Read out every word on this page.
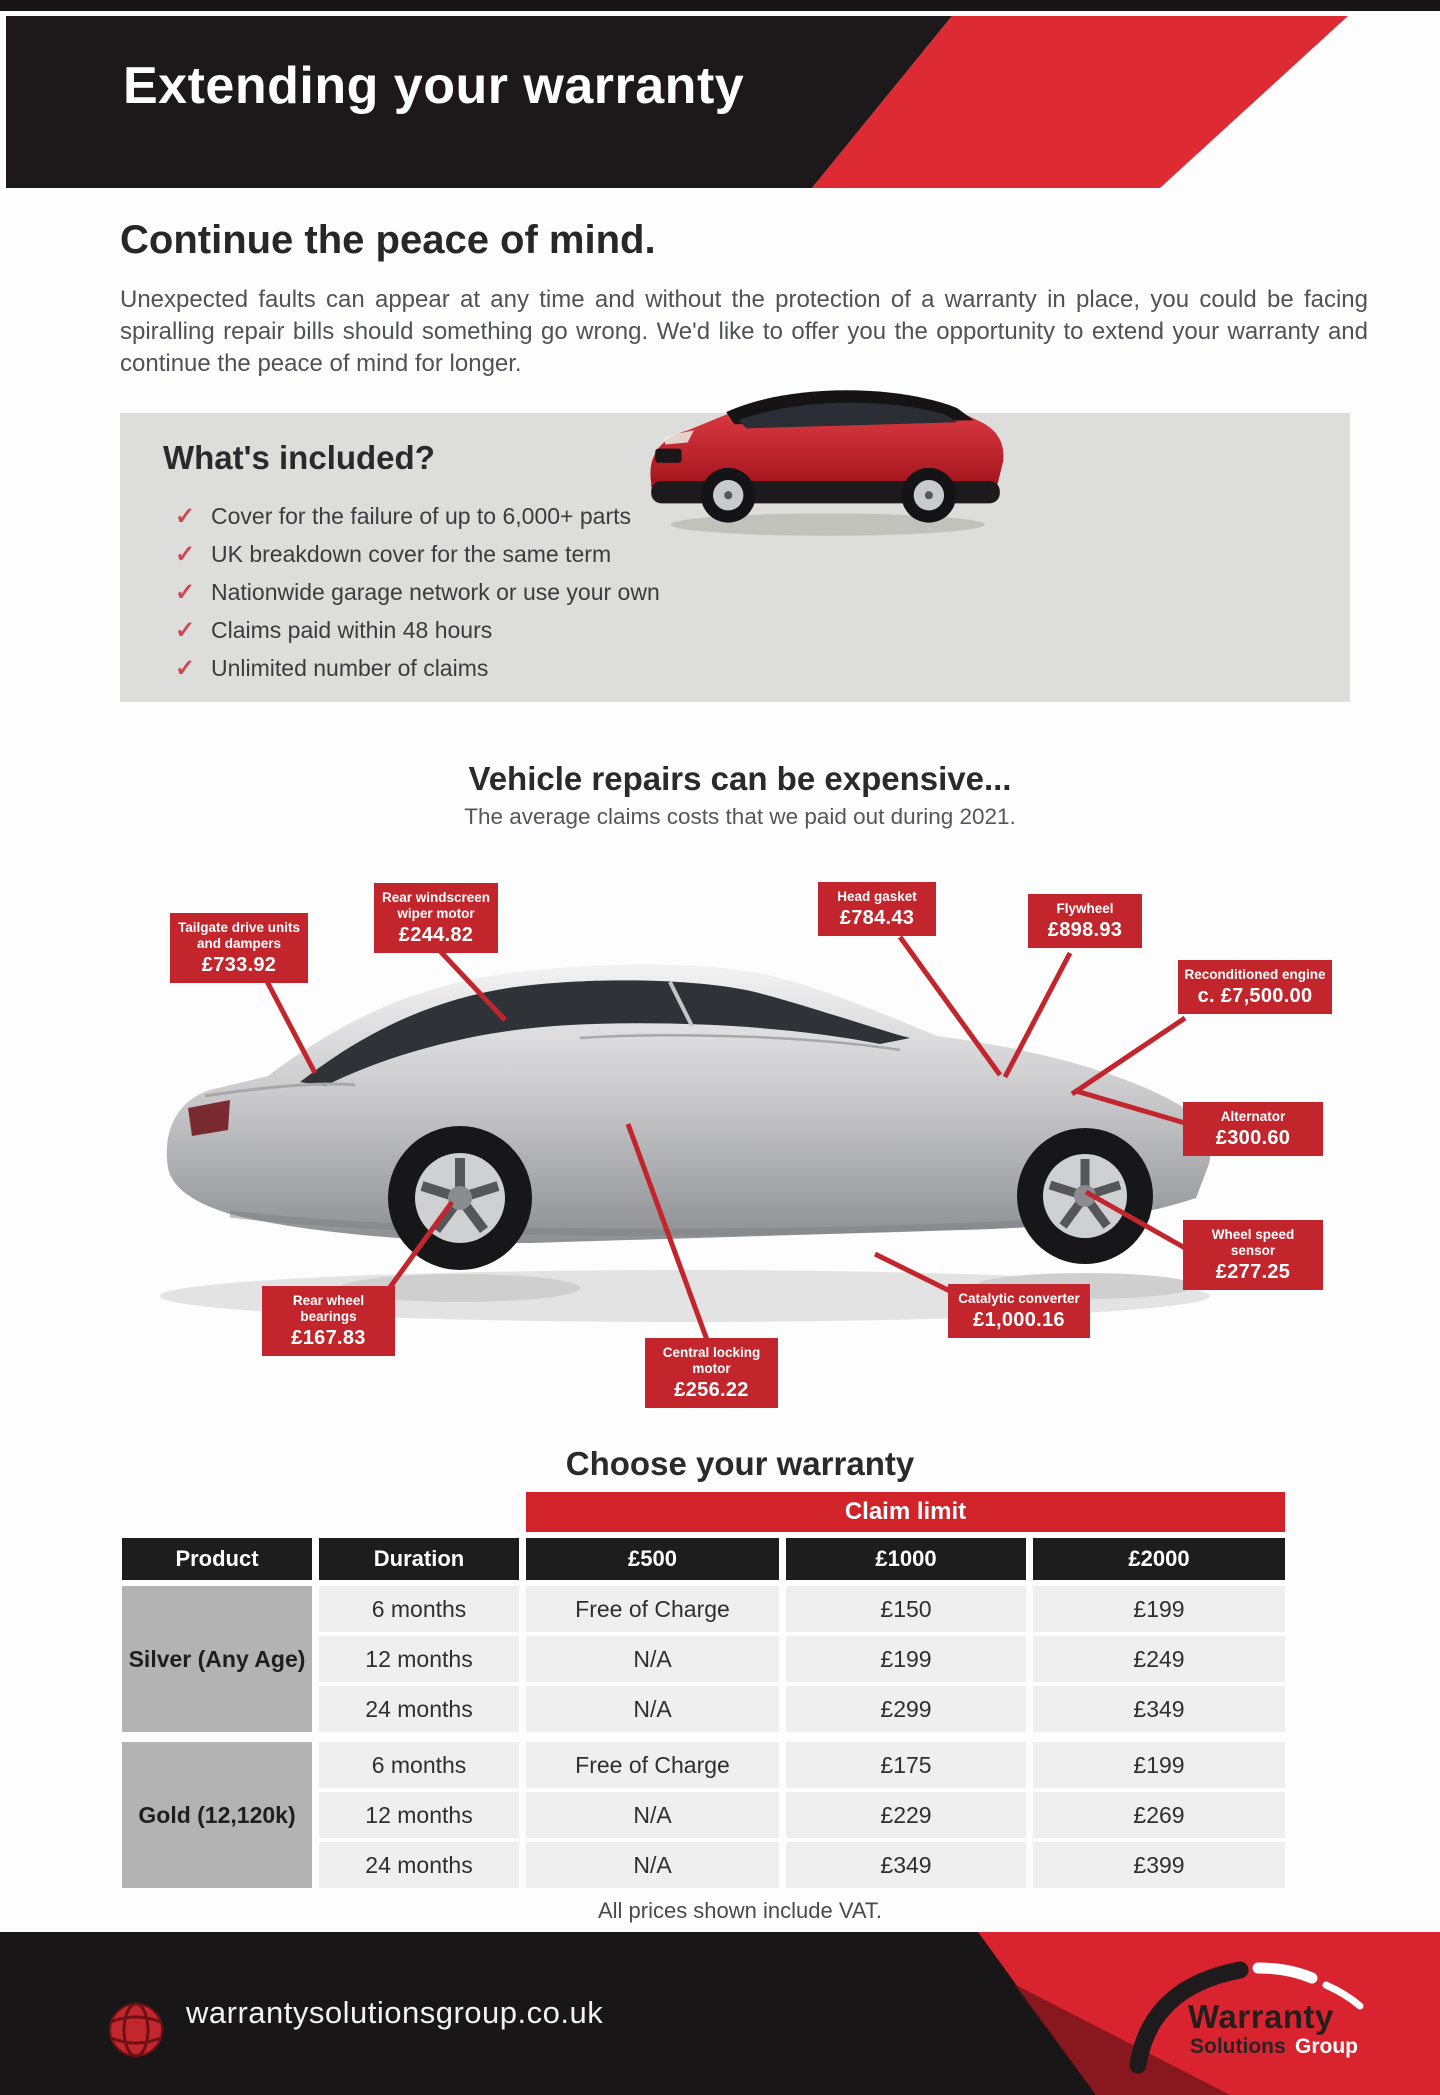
Extending your warranty
Continue the peace of mind.
Unexpected faults can appear at any time and without the protection of a warranty in place, you could be facing spiralling repair bills should something go wrong. We'd like to offer you the opportunity to extend your warranty and continue the peace of mind for longer.
What's included?
✓ Cover for the failure of up to 6,000+ parts
✓ UK breakdown cover for the same term
✓ Nationwide garage network or use your own
✓ Claims paid within 48 hours
✓ Unlimited number of claims
Vehicle repairs can be expensive...
The average claims costs that we paid out during 2021.
Tailgate drive units and dampers
£733.92
Rear windscreen wiper motor
£244.82
Head gasket
£784.43	Flywheel
£898.93
Reconditioned engine
c. £7,500.00
Alternator
£300.60
Wheel speed sensor
£277.25
Catalytic converter
£1,000.16
Central locking motor
£256.22
Rear wheel bearings
£167.83
Choose your warranty
Claim limit
Product	Duration	£500	£1000	£2000
Silver (Any Age)
6 months	Free of Charge	£150	£199
12 months	N/A	£199	£249
24 months	N/A	£299	£349
Gold (12,120k)
6 months	Free of Charge	£175	£199
12 months	N/A	£229	£269
24 months	N/A	£349	£399
All prices shown include VAT.
warrantysolutionsgroup.co.uk	Warranty
Solutions Group
